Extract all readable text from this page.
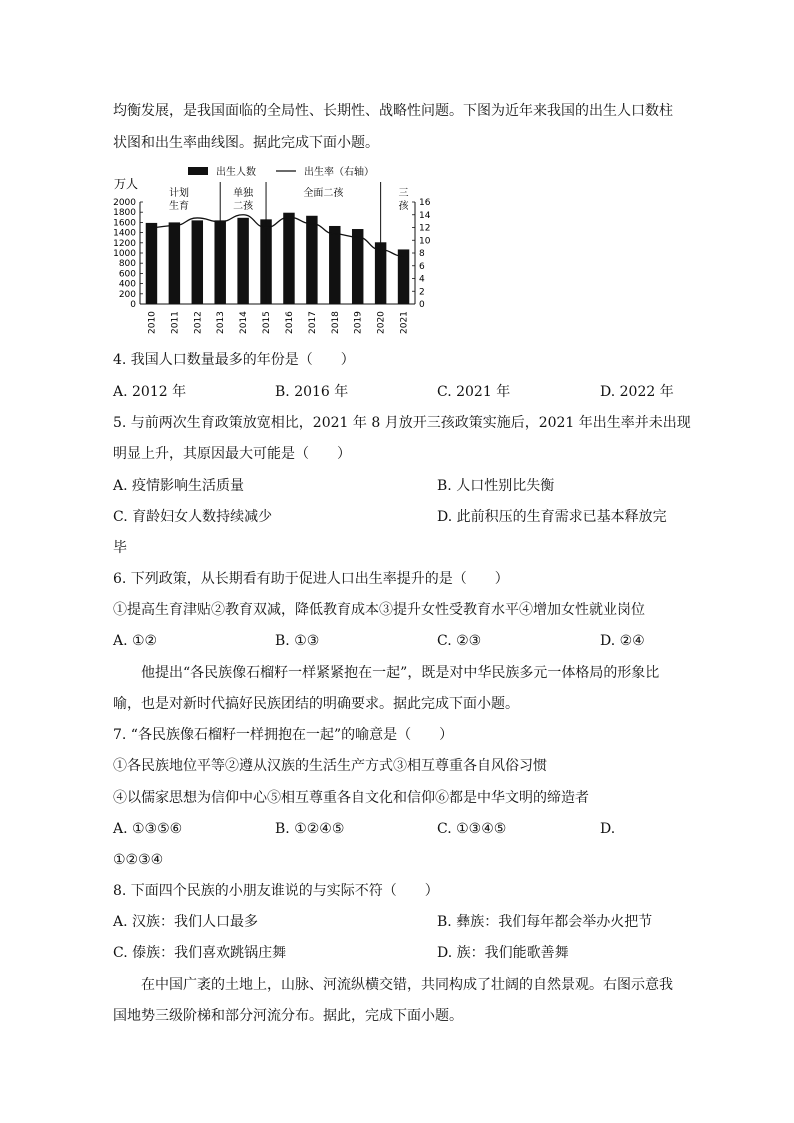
均衡发展，是我国面临的全局性、长期性、战略性问题。下图为近年来我国的出生人口数柱
状图和出生率曲线图。据此完成下面小题。
出生人数	出生率（右轴）
万人
2000
1800
1600
1400
1200
1000
800
600
400
200
0
16
14
12
10
8
6
4
2
0
2010 2011 2012 2013 2014 2015 2016 2017 2018 2019 2020 2021
计划
生育
单独
二孩
全面二孩	三
孩
4. 我国人口数量最多的年份是（　　）
A. 2012 年	B. 2016 年	C. 2021 年	D. 2022 年
5. 与前两次生育政策放宽相比，2021 年 8 月放开三孩政策实施后，2021 年出生率并未出现
明显上升，其原因最大可能是（　　）
A. 疫情影响生活质量	B. 人口性别比失衡
C. 育龄妇女人数持续减少	D. 此前积压的生育需求已基本释放完
毕
6. 下列政策，从长期看有助于促进人口出生率提升的是（　　）
①提高生育津贴②教育双减，降低教育成本③提升女性受教育水平④增加女性就业岗位
A. ①②	B. ①③	C. ②③	D. ②④
他提出“各民族像石榴籽一样紧紧抱在一起”，既是对中华民族多元一体格局的形象比
喻，也是对新时代搞好民族团结的明确要求。据此完成下面小题。
7. “各民族像石榴籽一样拥抱在一起”的喻意是（　　）
①各民族地位平等②遵从汉族的生活生产方式③相互尊重各自风俗习惯
④以儒家思想为信仰中心⑤相互尊重各自文化和信仰⑥都是中华文明的缔造者
A. ①③⑤⑥	B. ①②④⑤	C. ①③④⑤	D.
①②③④
8. 下面四个民族的小朋友谁说的与实际不符（　　）
A. 汉族：我们人口最多	B. 彝族：我们每年都会举办火把节
C. 傣族：我们喜欢跳锅庄舞	D. 族：我们能歌善舞
在中国广袤的土地上，山脉、河流纵横交错，共同构成了壮阔的自然景观。右图示意我
国地势三级阶梯和部分河流分布。据此，完成下面小题。
